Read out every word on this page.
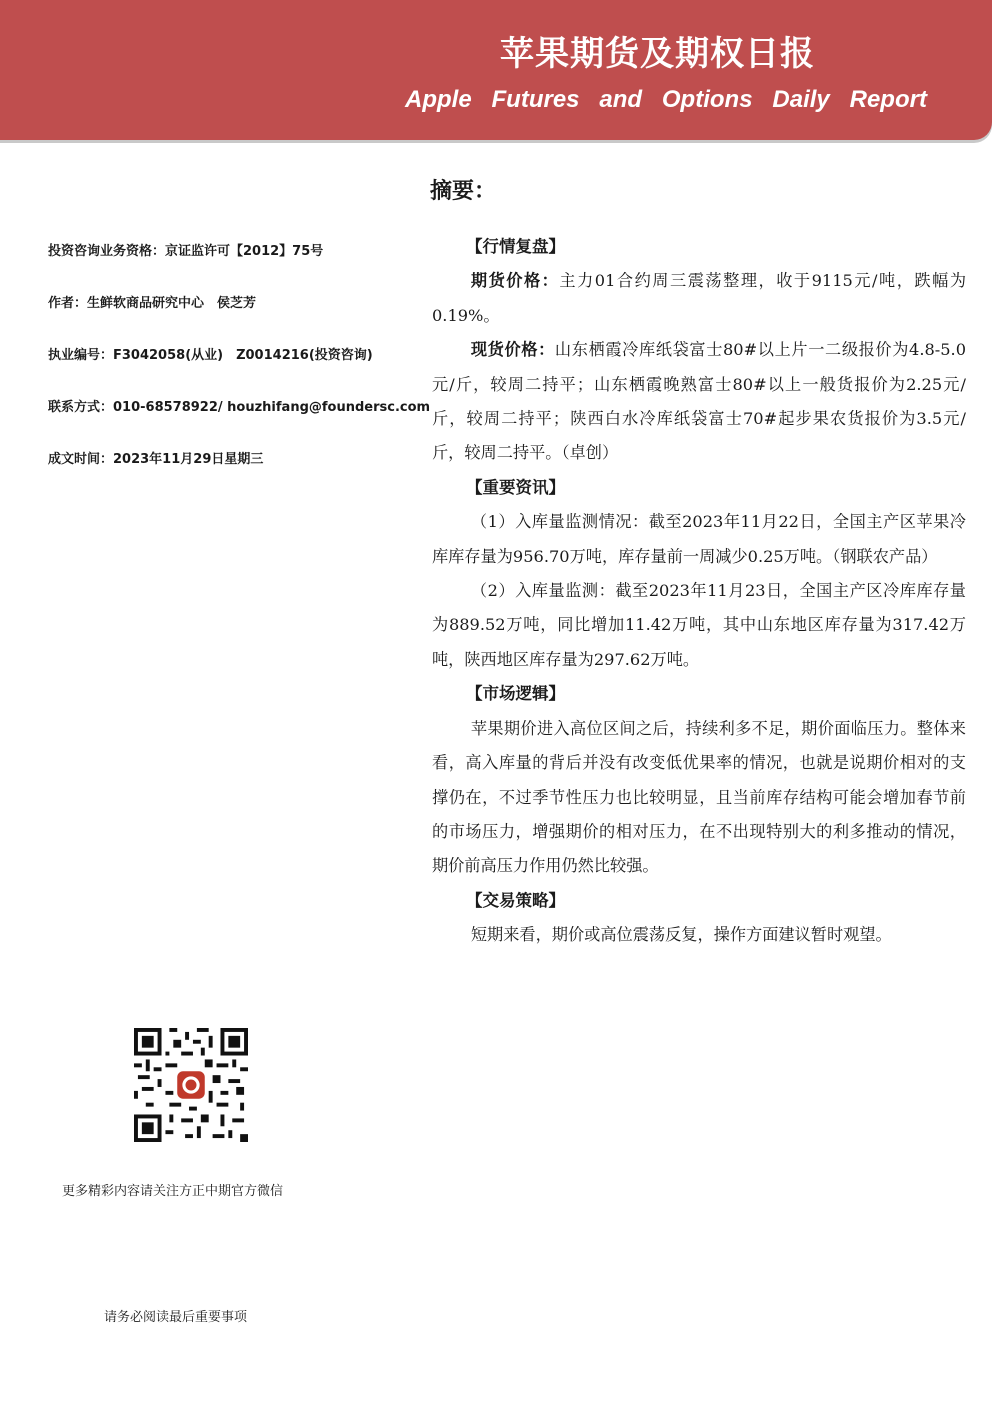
苹果期货及期权日报
Apple Futures and Options Daily Report
摘要：
投资咨询业务资格：京证监许可【2012】75号
作者：生鲜软商品研究中心　侯芝芳
执业编号：F3042058(从业)　Z0014216(投资咨询)
联系方式：010-68578922/ houzhifang@foundersc.com
成文时间：2023年11月29日星期三
更多精彩内容请关注方正中期官方微信
请务必阅读最后重要事项
【行情复盘】

期货价格：主力01合约周三震荡整理，收于9115元/吨，跌幅为0.19%。

现货价格：山东栖霞冷库纸袋富士80#以上片一二级报价为4.8-5.0元/斤，较周二持平；山东栖霞晚熟富士80#以上一般货报价为2.25元/斤，较周二持平；陕西白水冷库纸袋富士70#起步果农货报价为3.5元/斤，较周二持平。（卓创）

【重要资讯】

（1）入库量监测情况：截至2023年11月22日，全国主产区苹果冷库库存量为956.70万吨，库存量前一周减少0.25万吨。（钢联农产品）

（2）入库量监测：截至2023年11月23日，全国主产区冷库库存量为889.52万吨，同比增加11.42万吨，其中山东地区库存量为317.42万吨，陕西地区库存量为297.62万吨。

【市场逻辑】

苹果期价进入高位区间之后，持续利多不足，期价面临压力。整体来看，高入库量的背后并没有改变低优果率的情况，也就是说期价相对的支撑仍在，不过季节性压力也比较明显，且当前库存结构可能会增加春节前的市场压力，增强期价的相对压力，在不出现特别大的利多推动的情况，期价前高压力作用仍然比较强。

【交易策略】

短期来看，期价或高位震荡反复，操作方面建议暂时观望。
